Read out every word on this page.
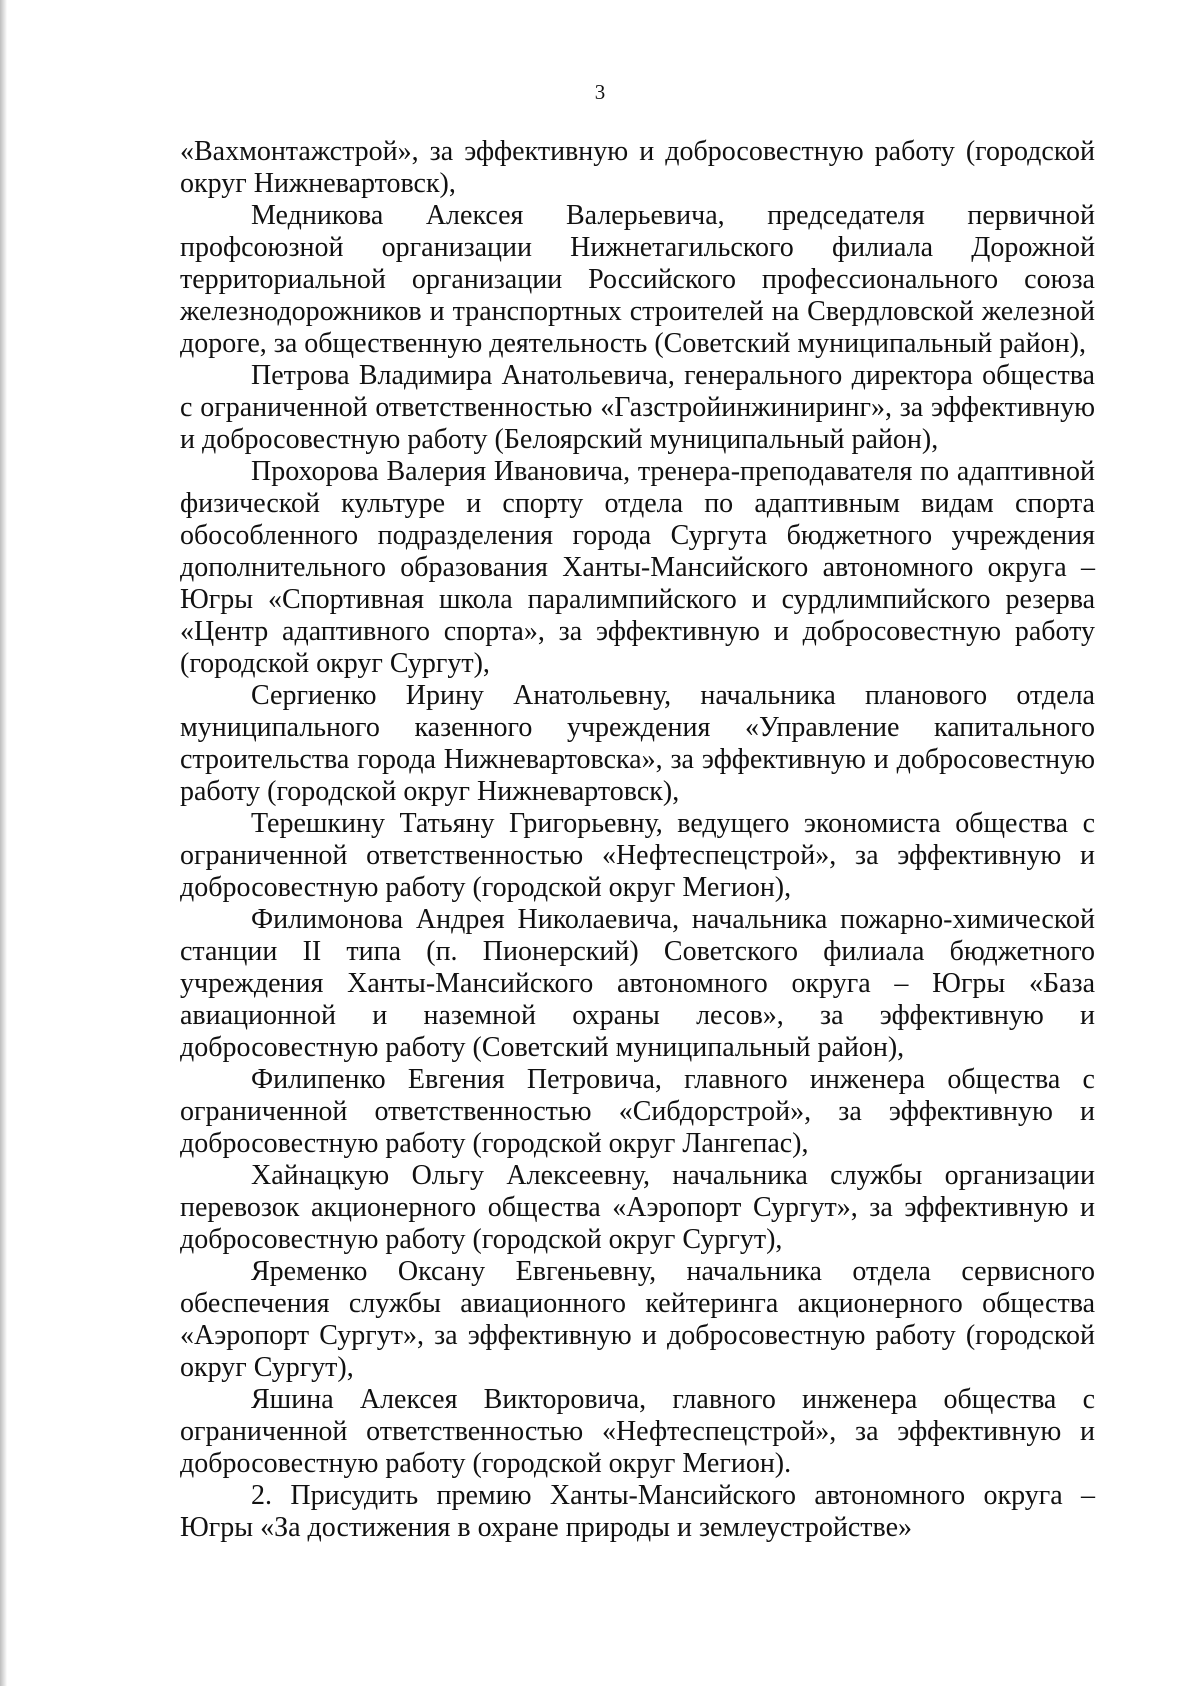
3

«Вахмонтажстрой», за эффективную и добросовестную работу (городской округ Нижневартовск),

Медникова Алексея Валерьевича, председателя первичной профсоюзной организации Нижнетагильского филиала Дорожной территориальной организации Российского профессионального союза железнодорожников и транспортных строителей на Свердловской железной дороге, за общественную деятельность (Советский муниципальный район),

Петрова Владимира Анатольевича, генерального директора общества с ограниченной ответственностью «Газстройинжиниринг», за эффективную и добросовестную работу (Белоярский муниципальный район),

Прохорова Валерия Ивановича, тренера-преподавателя по адаптивной физической культуре и спорту отдела по адаптивным видам спорта обособленного подразделения города Сургута бюджетного учреждения дополнительного образования Ханты-Мансийского автономного округа – Югры «Спортивная школа паралимпийского и сурдлимпийского резерва «Центр адаптивного спорта», за эффективную и добросовестную работу (городской округ Сургут),

Сергиенко Ирину Анатольевну, начальника планового отдела муниципального казенного учреждения «Управление капитального строительства города Нижневартовска», за эффективную и добросовестную работу (городской округ Нижневартовск),

Терешкину Татьяну Григорьевну, ведущего экономиста общества с ограниченной ответственностью «Нефтеспецстрой», за эффективную и добросовестную работу (городской округ Мегион),

Филимонова Андрея Николаевича, начальника пожарно-химической станции II типа (п. Пионерский) Советского филиала бюджетного учреждения Ханты-Мансийского автономного округа – Югры «База авиационной и наземной охраны лесов», за эффективную и добросовестную работу (Советский муниципальный район),

Филипенко Евгения Петровича, главного инженера общества с ограниченной ответственностью «Сибдорстрой», за эффективную и добросовестную работу (городской округ Лангепас),

Хайнацкую Ольгу Алексеевну, начальника службы организации перевозок акционерного общества «Аэропорт Сургут», за эффективную и добросовестную работу (городской округ Сургут),

Яременко Оксану Евгеньевну, начальника отдела сервисного обеспечения службы авиационного кейтеринга акционерного общества «Аэропорт Сургут», за эффективную и добросовестную работу (городской округ Сургут),

Яшина Алексея Викторовича, главного инженера общества с ограниченной ответственностью «Нефтеспецстрой», за эффективную и добросовестную работу (городской округ Мегион).

2. Присудить премию Ханты-Мансийского автономного округа – Югры «За достижения в охране природы и землеустройстве»
